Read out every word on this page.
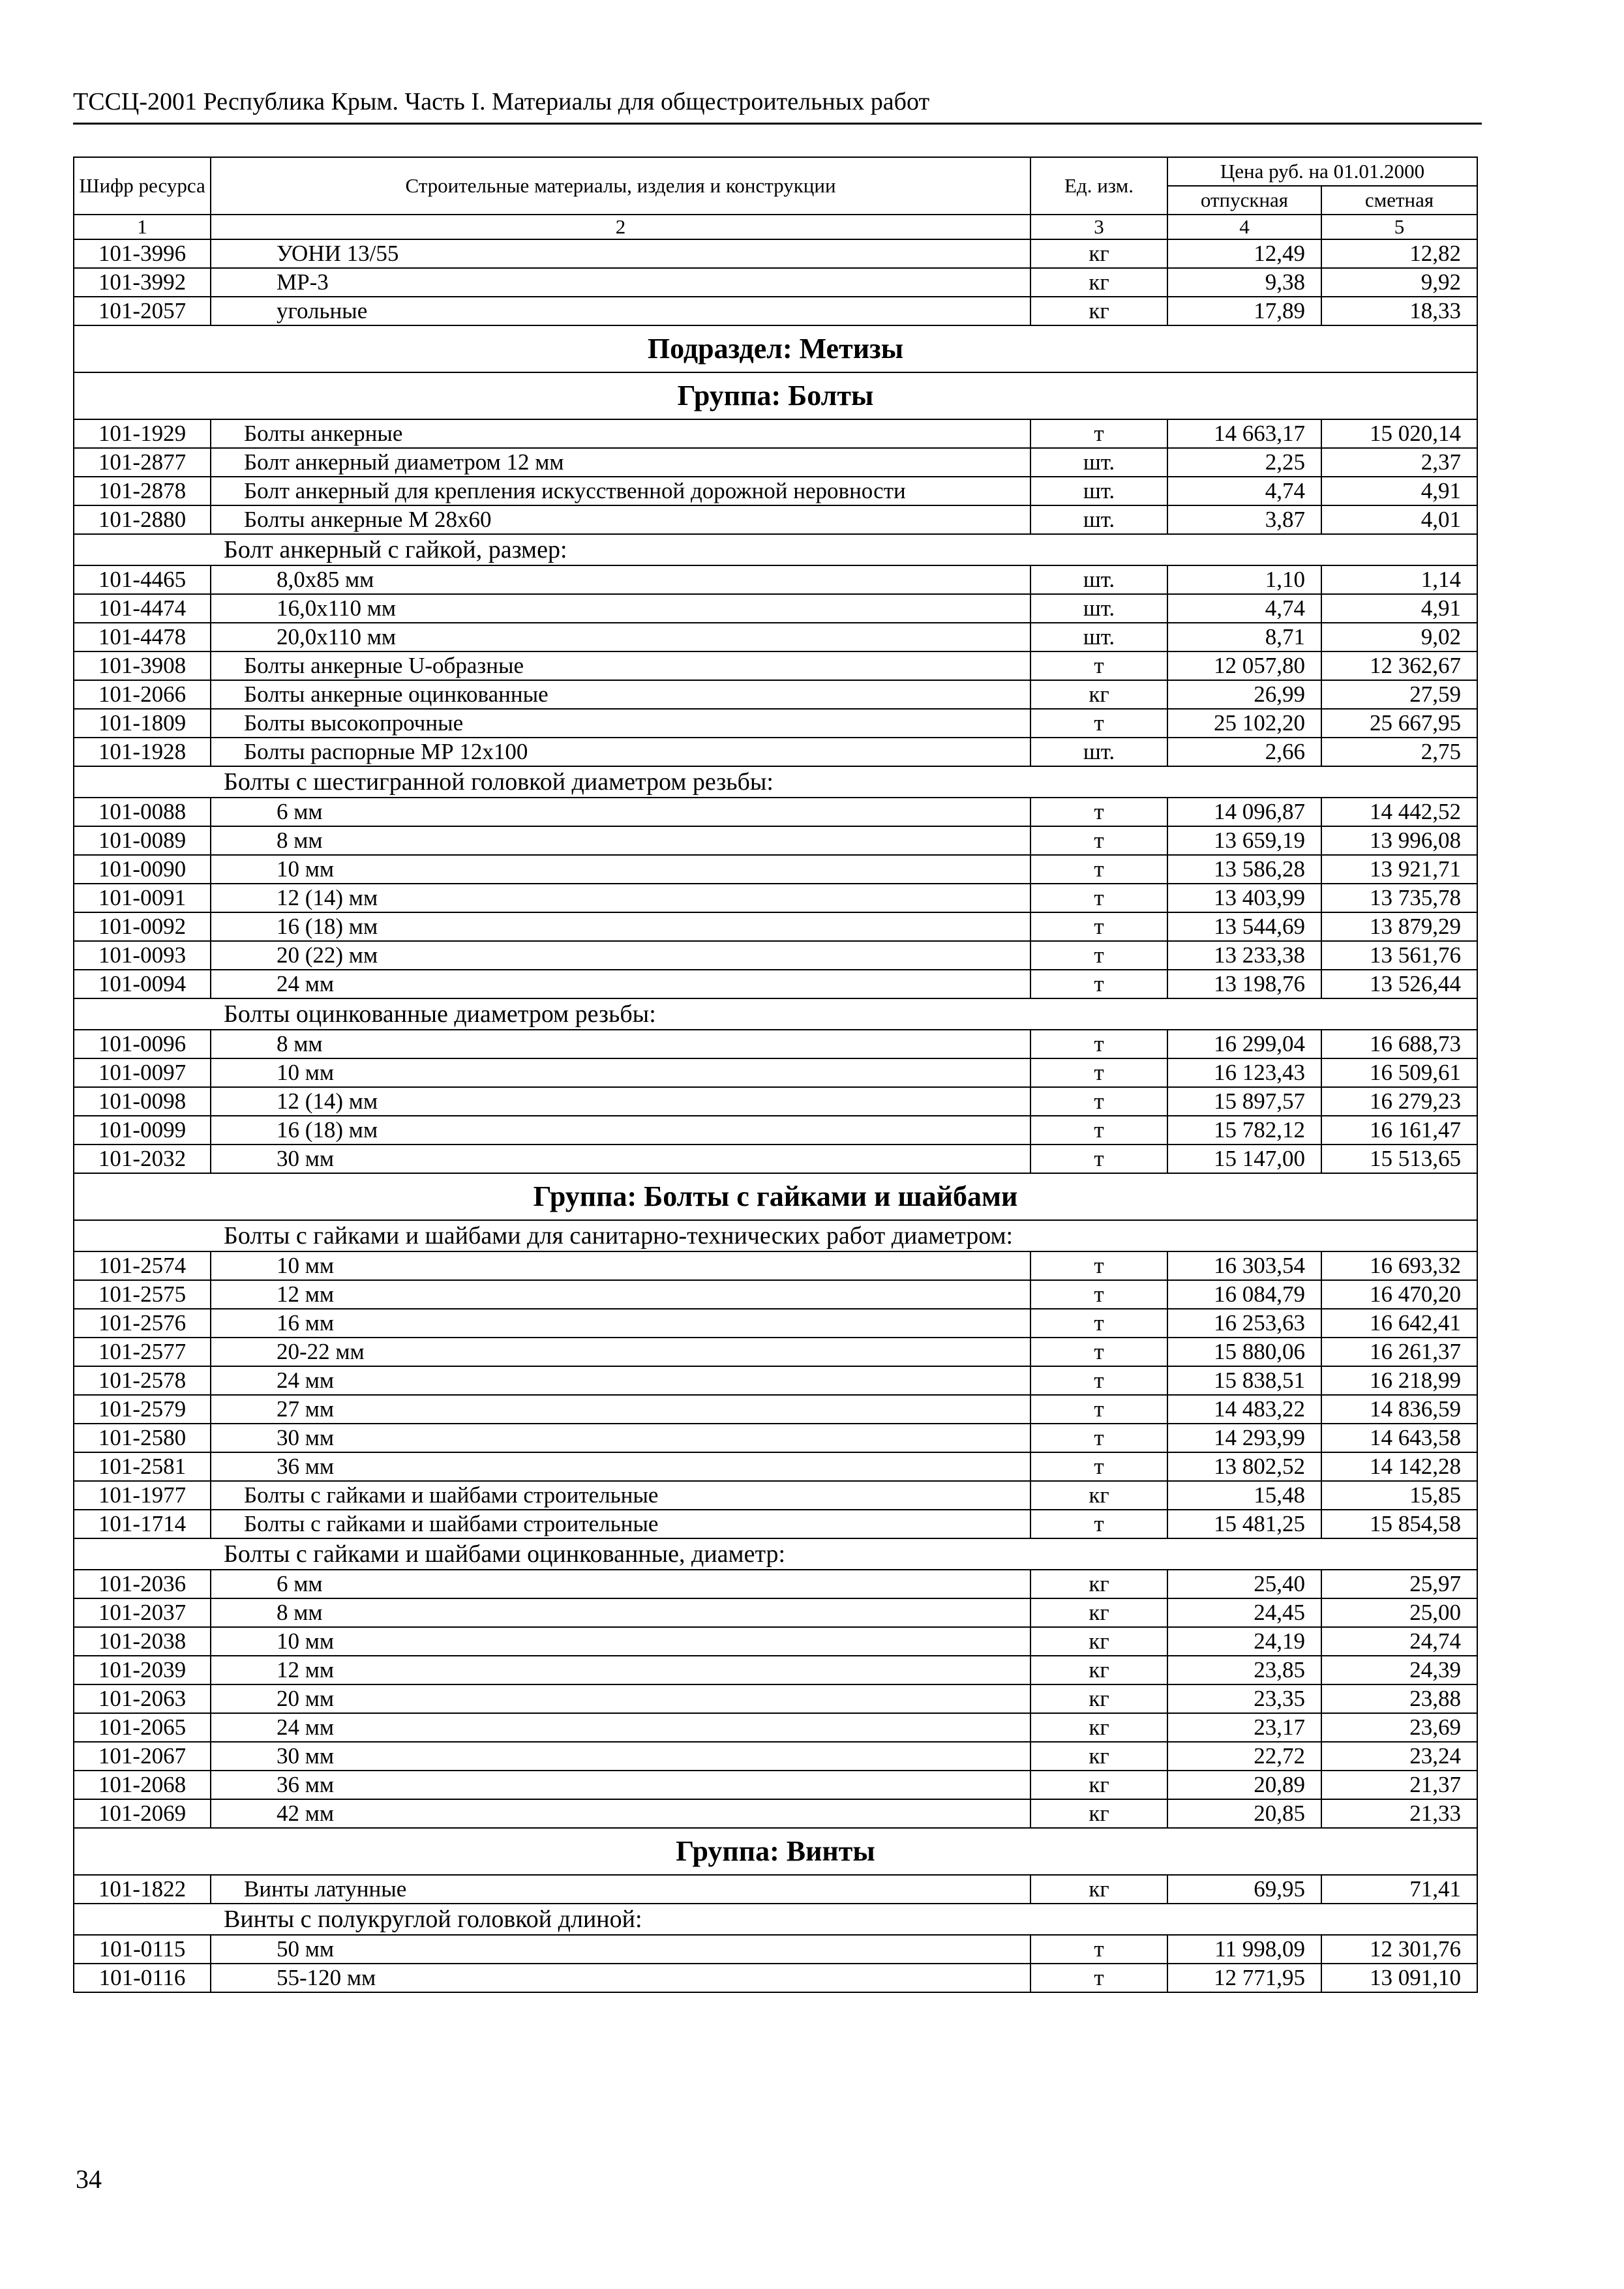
ТССЦ-2001 Республика Крым. Часть I. Материалы для общестроительных работ
Шифр ресурса	Строительные материалы, изделия и конструкции	Ед. изм.	Цена руб. на 01.01.2000	
			отпускная	сметная
1	2	3	4	5
101-3996	УОНИ 13/55	кг	12,49	12,82
101-3992	МР-3	кг	9,38	9,92
101-2057	угольные	кг	17,89	18,33
Подраздел: Метизы				
Группа: Болты				
101-1929	Болты анкерные	т	14 663,17	15 020,14
101-2877	Болт анкерный диаметром 12 мм	шт.	2,25	2,37
101-2878	Болт анкерный для крепления искусственной дорожной неровности	шт.	4,74	4,91
101-2880	Болты анкерные М 28х60	шт.	3,87	4,01
	Болт анкерный с гайкой, размер:			
101-4465	8,0х85 мм	шт.	1,10	1,14
101-4474	16,0х110 мм	шт.	4,74	4,91
101-4478	20,0х110 мм	шт.	8,71	9,02
101-3908	Болты анкерные U-образные	т	12 057,80	12 362,67
101-2066	Болты анкерные оцинкованные	кг	26,99	27,59
101-1809	Болты высокопрочные	т	25 102,20	25 667,95
101-1928	Болты распорные МР 12х100	шт.	2,66	2,75
	Болты с шестигранной головкой диаметром резьбы:			
101-0088	6 мм	т	14 096,87	14 442,52
101-0089	8 мм	т	13 659,19	13 996,08
101-0090	10 мм	т	13 586,28	13 921,71
101-0091	12 (14) мм	т	13 403,99	13 735,78
101-0092	16 (18) мм	т	13 544,69	13 879,29
101-0093	20 (22) мм	т	13 233,38	13 561,76
101-0094	24 мм	т	13 198,76	13 526,44
	Болты оцинкованные диаметром резьбы:			
101-0096	8 мм	т	16 299,04	16 688,73
101-0097	10 мм	т	16 123,43	16 509,61
101-0098	12 (14) мм	т	15 897,57	16 279,23
101-0099	16 (18) мм	т	15 782,12	16 161,47
101-2032	30 мм	т	15 147,00	15 513,65
Группа: Болты с гайками и шайбами				
	Болты с гайками и шайбами для санитарно-технических работ диаметром:			
101-2574	10 мм	т	16 303,54	16 693,32
101-2575	12 мм	т	16 084,79	16 470,20
101-2576	16 мм	т	16 253,63	16 642,41
101-2577	20-22 мм	т	15 880,06	16 261,37
101-2578	24 мм	т	15 838,51	16 218,99
101-2579	27 мм	т	14 483,22	14 836,59
101-2580	30 мм	т	14 293,99	14 643,58
101-2581	36 мм	т	13 802,52	14 142,28
101-1977	Болты с гайками и шайбами строительные	кг	15,48	15,85
101-1714	Болты с гайками и шайбами строительные	т	15 481,25	15 854,58
	Болты с гайками и шайбами оцинкованные, диаметр:			
101-2036	6 мм	кг	25,40	25,97
101-2037	8 мм	кг	24,45	25,00
101-2038	10 мм	кг	24,19	24,74
101-2039	12 мм	кг	23,85	24,39
101-2063	20 мм	кг	23,35	23,88
101-2065	24 мм	кг	23,17	23,69
101-2067	30 мм	кг	22,72	23,24
101-2068	36 мм	кг	20,89	21,37
101-2069	42 мм	кг	20,85	21,33
Группа: Винты				
101-1822	Винты латунные	кг	69,95	71,41
	Винты с полукруглой головкой длиной:			
101-0115	50 мм	т	11 998,09	12 301,76
101-0116	55-120 мм	т	12 771,95	13 091,10
34
